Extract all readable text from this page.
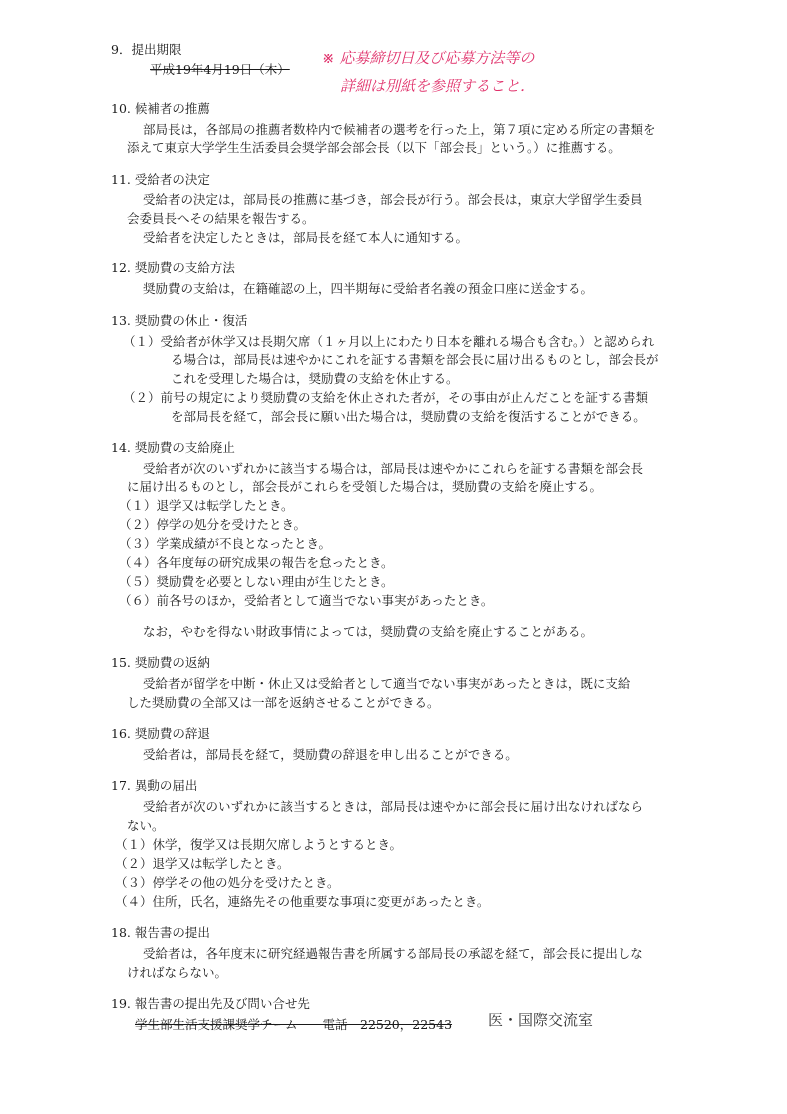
9．提出期限
平成19年4月19日（木）
※ 応募締切日及び応募方法等の
詳細は別紙を参照すること．
10. 候補者の推薦
部局長は，各部局の推薦者数枠内で候補者の選考を行った上，第７項に定める所定の書類を
添えて東京大学学生生活委員会奨学部会部会長（以下「部会長」という。）に推薦する。
11. 受給者の決定
受給者の決定は，部局長の推薦に基づき，部会長が行う。部会長は，東京大学留学生委員
会委員長へその結果を報告する。
受給者を決定したときは，部局長を経て本人に通知する。
12. 奨励費の支給方法
奨励費の支給は，在籍確認の上，四半期毎に受給者名義の預金口座に送金する。
13. 奨励費の休止・復活
（１）受給者が休学又は長期欠席（１ヶ月以上にわたり日本を離れる場合も含む。）と認められ
る場合は，部局長は速やかにこれを証する書類を部会長に届け出るものとし，部会長が
これを受理した場合は，奨励費の支給を休止する。
（２）前号の規定により奨励費の支給を休止された者が，その事由が止んだことを証する書類
を部局長を経て，部会長に願い出た場合は，奨励費の支給を復活することができる。
14. 奨励費の支給廃止
受給者が次のいずれかに該当する場合は，部局長は速やかにこれらを証する書類を部会長
に届け出るものとし，部会長がこれらを受領した場合は，奨励費の支給を廃止する。
（１）退学又は転学したとき。
（２）停学の処分を受けたとき。
（３）学業成績が不良となったとき。
（４）各年度毎の研究成果の報告を怠ったとき。
（５）奨励費を必要としない理由が生じたとき。
（６）前各号のほか，受給者として適当でない事実があったとき。
なお，やむを得ない財政事情によっては，奨励費の支給を廃止することがある。
15. 奨励費の返納
受給者が留学を中断・休止又は受給者として適当でない事実があったときは，既に支給
した奨励費の全部又は一部を返納させることができる。
16. 奨励費の辞退
受給者は，部局長を経て，奨励費の辞退を申し出ることができる。
17. 異動の届出
受給者が次のいずれかに該当するときは，部局長は速やかに部会長に届け出なければなら
ない。
（１）休学，復学又は長期欠席しようとするとき。
（２）退学又は転学したとき。
（３）停学その他の処分を受けたとき。
（４）住所，氏名，連絡先その他重要な事項に変更があったとき。
18. 報告書の提出
受給者は，各年度末に研究経過報告書を所属する部局長の承認を経て，部会長に提出しな
ければならない。
19. 報告書の提出先及び問い合せ先
学生部生活支援課奨学チーム　　電話　22520，22543 医・国際交流室
